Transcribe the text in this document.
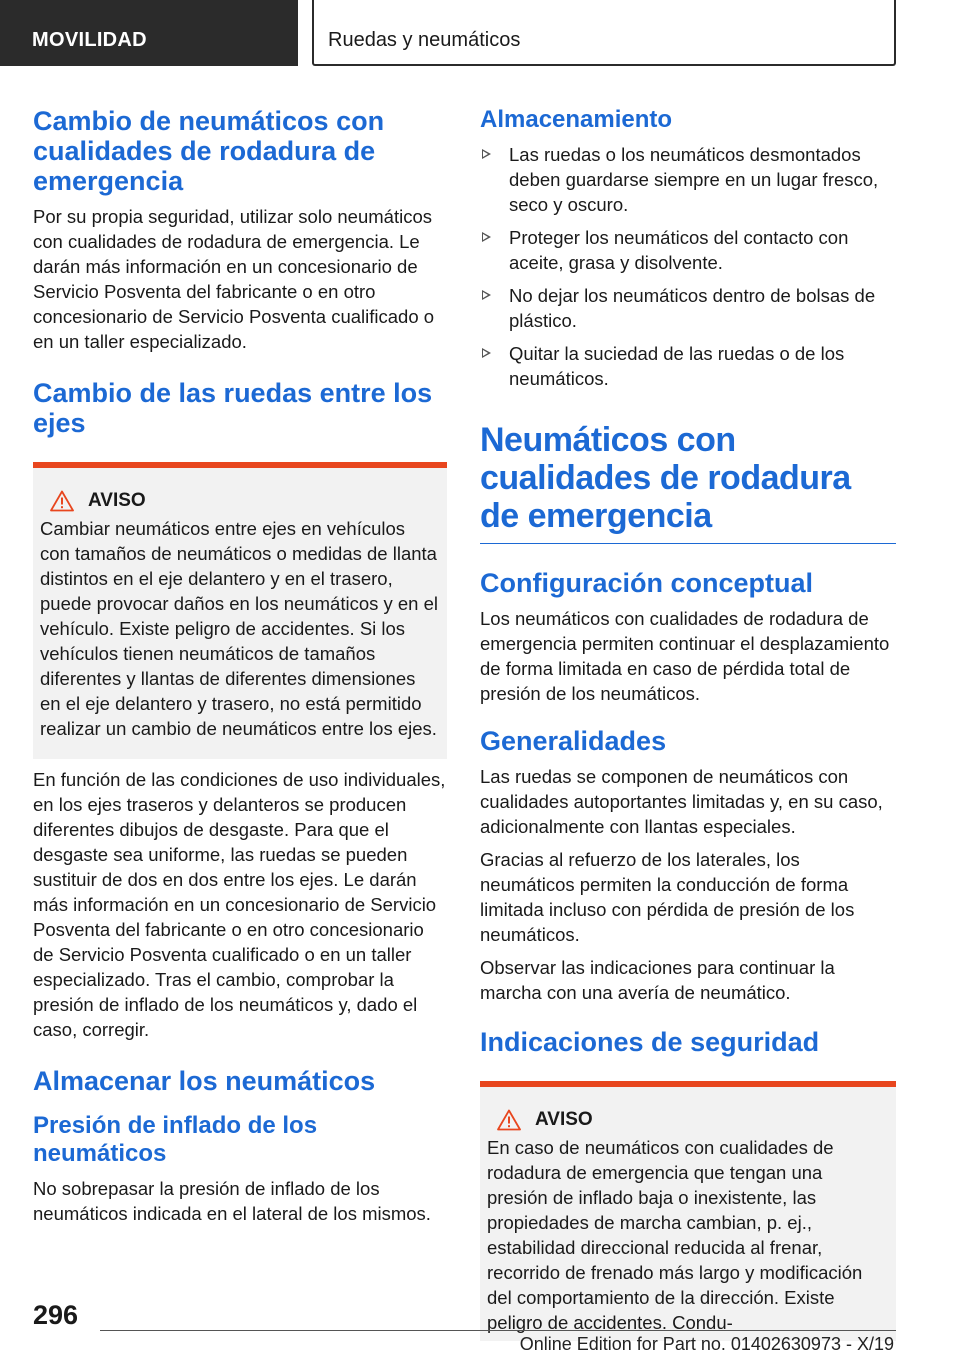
MOVILIDAD	Ruedas y neumáticos
Cambio de neumáticos con cualidades de rodadura de emergencia

Por su propia seguridad, utilizar solo neumáticos con cualidades de rodadura de emergencia. Le darán más información en un concesionario de Servicio Posventa del fabricante o en otro concesionario de Servicio Posventa cualificado o en un taller especializado.

Cambio de las ruedas entre los ejes
AVISO

Cambiar neumáticos entre ejes en vehículos con tamaños de neumáticos o medidas de llanta distintos en el eje delantero y en el trasero, puede provocar daños en los neumáticos y en el vehículo. Existe peligro de accidentes. Si los vehículos tienen neumáticos de tamaños diferentes y llantas de diferentes dimensiones en el eje delantero y trasero, no está permitido realizar un cambio de neumáticos entre los ejes.

En función de las condiciones de uso individuales, en los ejes traseros y delanteros se producen diferentes dibujos de desgaste. Para que el desgaste sea uniforme, las ruedas se pueden sustituir de dos en dos entre los ejes. Le darán más información en un concesionario de Servicio Posventa del fabricante o en otro concesionario de Servicio Posventa cualificado o en un taller especializado. Tras el cambio, comprobar la presión de inflado de los neumáticos y, dado el caso, corregir.

Almacenar los neumáticos
Presión de inflado de los neumáticos

No sobrepasar la presión de inflado de los neumáticos indicada en el lateral de los mismos.

Almacenamiento
Las ruedas o los neumáticos desmontados deben guardarse siempre en un lugar fresco, seco y oscuro.
Proteger los neumáticos del contacto con aceite, grasa y disolvente.
No dejar los neumáticos dentro de bolsas de plástico.
Quitar la suciedad de las ruedas o de los neumáticos.
Neumáticos con cualidades de rodadura de emergencia
Configuración conceptual

Los neumáticos con cualidades de rodadura de emergencia permiten continuar el desplazamiento de forma limitada en caso de pérdida total de presión de los neumáticos.

Generalidades

Las ruedas se componen de neumáticos con cualidades autoportantes limitadas y, en su caso, adicionalmente con llantas especiales.

Gracias al refuerzo de los laterales, los neumáticos permiten la conducción de forma limitada incluso con pérdida de presión de los neumáticos.

Observar las indicaciones para continuar la marcha con una avería de neumático.

Indicaciones de seguridad
AVISO

En caso de neumáticos con cualidades de rodadura de emergencia que tengan una presión de inflado baja o inexistente, las propiedades de marcha cambian, p. ej., estabilidad direccional reducida al frenar, recorrido de frenado más largo y modificación del comportamiento de la dirección. Existe peligro de accidentes. Condu-

296
Online Edition for Part no. 01402630973 - X/19
